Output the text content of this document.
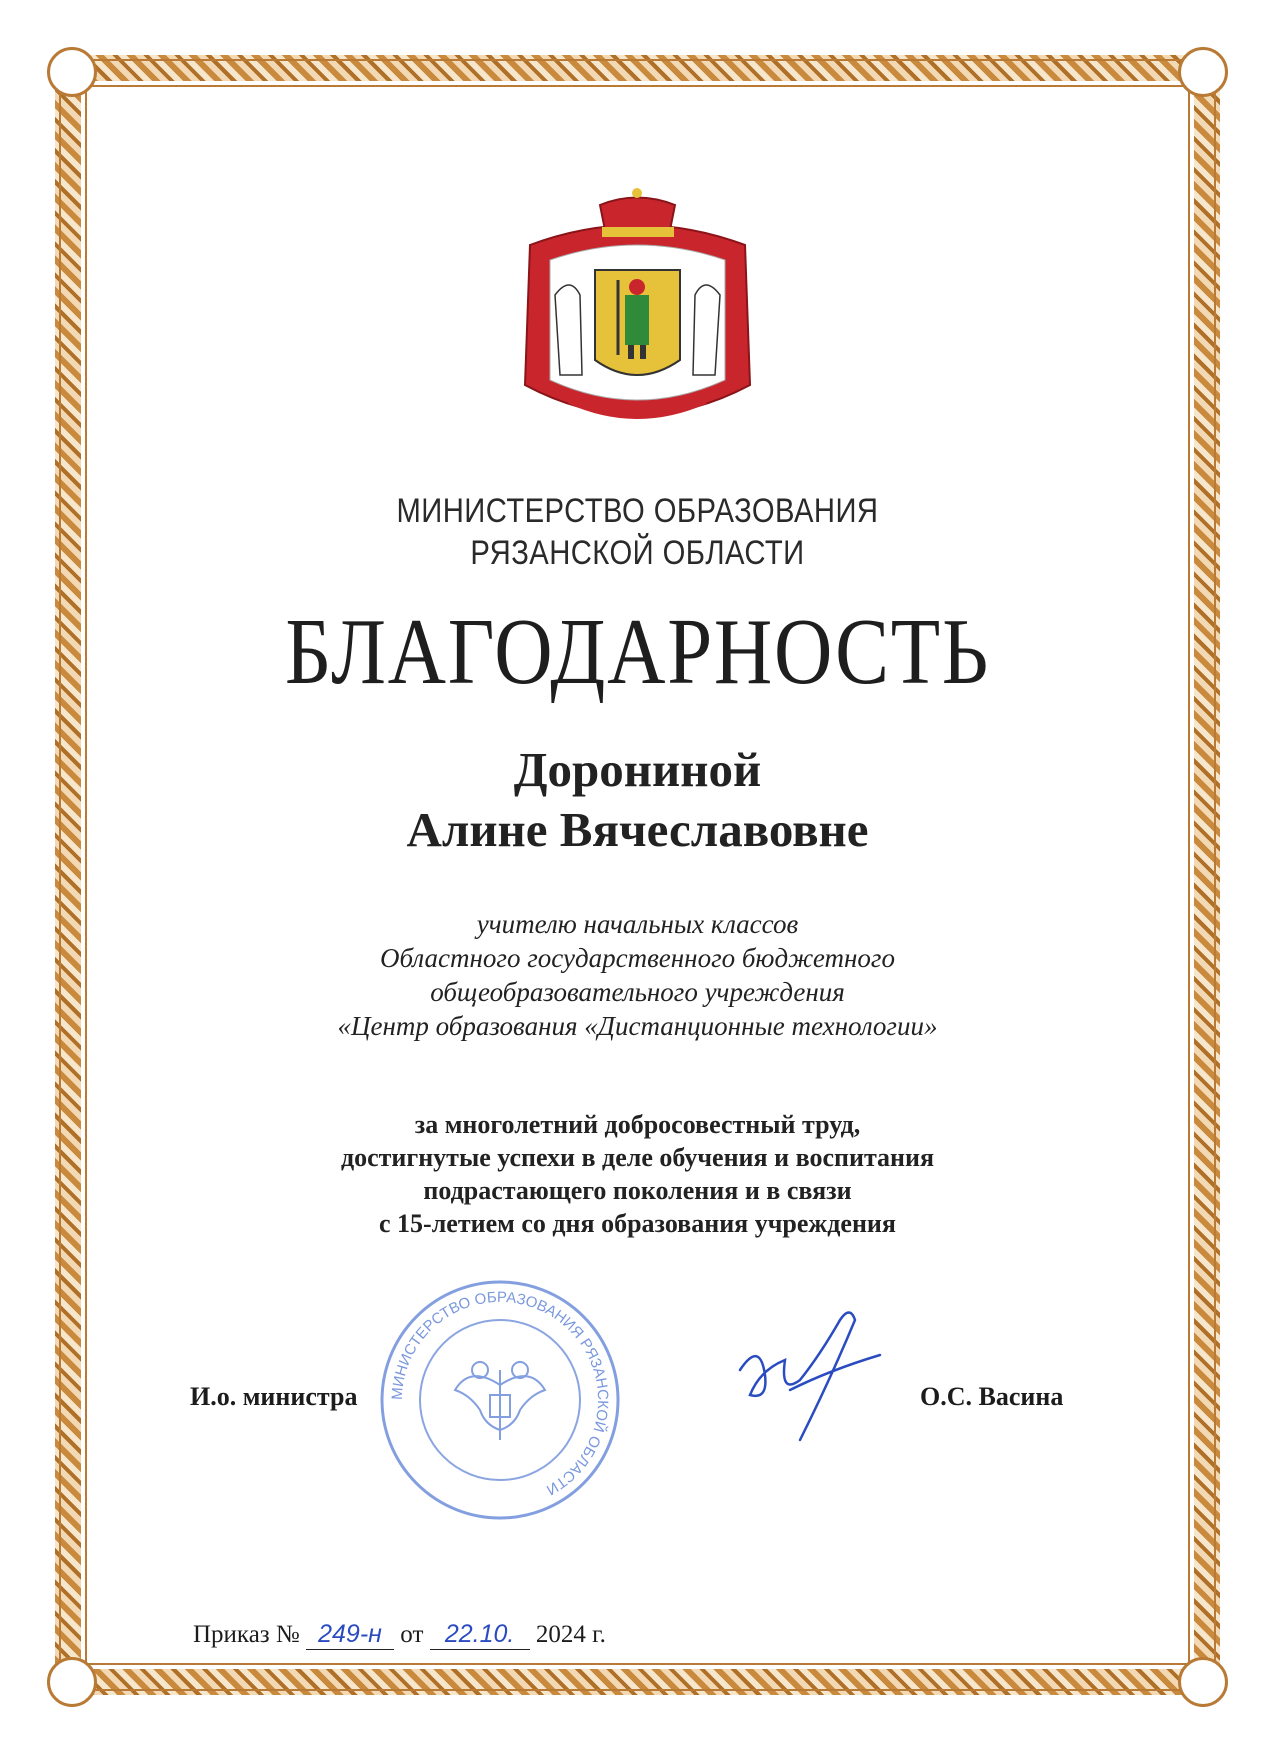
МИНИСТЕРСТВО ОБРАЗОВАНИЯ
РЯЗАНСКОЙ ОБЛАСТИ
БЛАГОДАРНОСТЬ
Дорониной
Алине Вячеславовне
учителю начальных классов
Областного государственного бюджетного
общеобразовательного учреждения
«Центр образования «Дистанционные технологии»
за многолетний добросовестный труд,
достигнутые успехи в деле обучения и воспитания
подрастающего поколения и в связи
с 15-летием со дня образования учреждения
И.о. министра МИНИСТЕРСТВО ОБРАЗОВАНИЯ РЯЗАНСКОЙ ОБЛАСТИ
О.С. Васина
Приказ № 249-н от 22.10. 2024 г.
